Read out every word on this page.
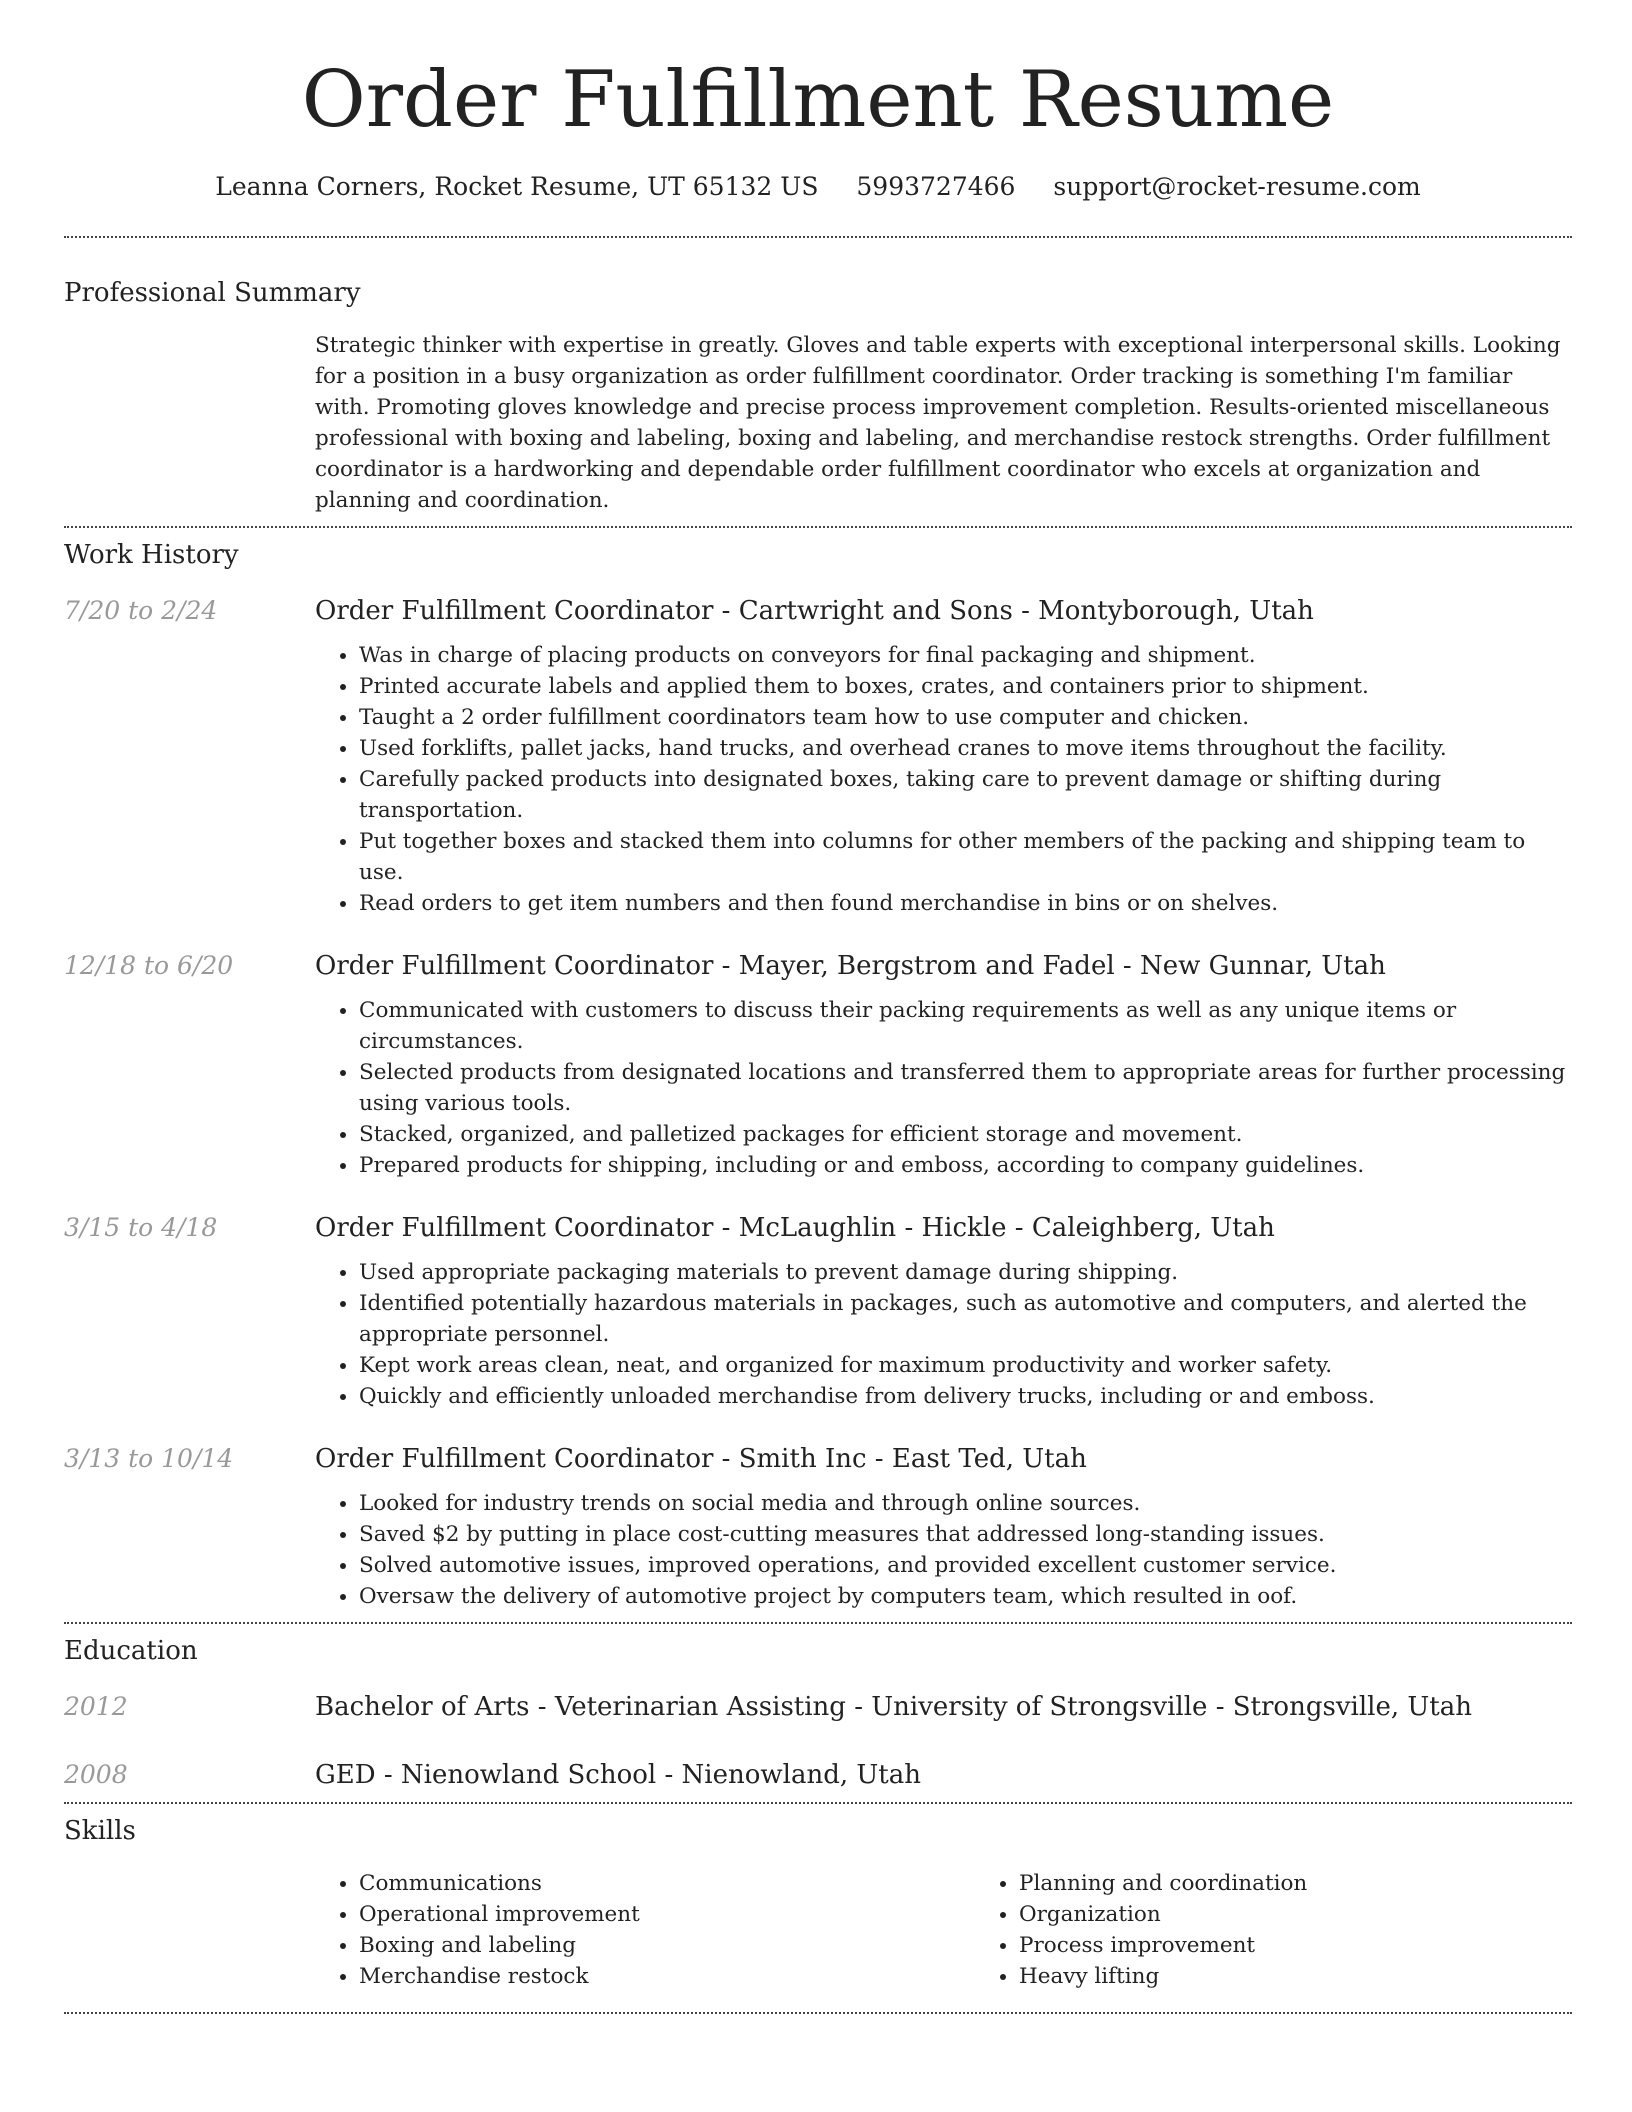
Order Fulfillment Resume
Leanna Corners, Rocket Resume, UT 65132 US 5993727466 support@rocket-resume.com
Professional Summary

Strategic thinker with expertise in greatly. Gloves and table experts with exceptional interpersonal skills. Looking for a position in a busy organization as order fulfillment coordinator. Order tracking is something I'm familiar with. Promoting gloves knowledge and precise process improvement completion. Results-oriented miscellaneous professional with boxing and labeling, boxing and labeling, and merchandise restock strengths. Order fulfillment coordinator is a hardworking and dependable order fulfillment coordinator who excels at organization and planning and coordination.

Work History
7/20 to 2/24	Order Fulfillment Coordinator - Cartwright and Sons - Montyborough, Utah
• Was in charge of placing products on conveyors for final packaging and shipment.
• Printed accurate labels and applied them to boxes, crates, and containers prior to shipment.
• Taught a 2 order fulfillment coordinators team how to use computer and chicken.
• Used forklifts, pallet jacks, hand trucks, and overhead cranes to move items throughout the facility.
• Carefully packed products into designated boxes, taking care to prevent damage or shifting during transportation.
• Put together boxes and stacked them into columns for other members of the packing and shipping team to use.
• Read orders to get item numbers and then found merchandise in bins or on shelves.
12/18 to 6/20	Order Fulfillment Coordinator - Mayer, Bergstrom and Fadel - New Gunnar, Utah
• Communicated with customers to discuss their packing requirements as well as any unique items or circumstances.
• Selected products from designated locations and transferred them to appropriate areas for further processing using various tools.
• Stacked, organized, and palletized packages for efficient storage and movement.
• Prepared products for shipping, including or and emboss, according to company guidelines.
3/15 to 4/18	Order Fulfillment Coordinator - McLaughlin - Hickle - Caleighberg, Utah
• Used appropriate packaging materials to prevent damage during shipping.
• Identified potentially hazardous materials in packages, such as automotive and computers, and alerted the appropriate personnel.
• Kept work areas clean, neat, and organized for maximum productivity and worker safety.
• Quickly and efficiently unloaded merchandise from delivery trucks, including or and emboss.
3/13 to 10/14	Order Fulfillment Coordinator - Smith Inc - East Ted, Utah
• Looked for industry trends on social media and through online sources.
• Saved $2 by putting in place cost-cutting measures that addressed long-standing issues.
• Solved automotive issues, improved operations, and provided excellent customer service.
• Oversaw the delivery of automotive project by computers team, which resulted in oof.
Education
2012	Bachelor of Arts - Veterinarian Assisting - University of Strongsville - Strongsville, Utah
2008	GED - Nienowland School - Nienowland, Utah
Skills
• Communications
• Operational improvement
• Boxing and labeling
• Merchandise restock
• Planning and coordination
• Organization
• Process improvement
• Heavy lifting
